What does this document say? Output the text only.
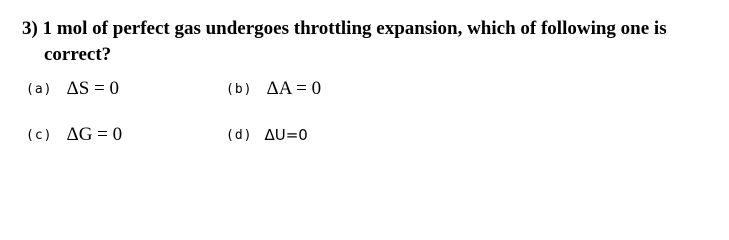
3) 1 mol of perfect gas undergoes throttling expansion, which of following one is
correct?
(a) ΔS = 0	(b) ΔA = 0
(c) ΔG = 0	(d) ΔU=0
